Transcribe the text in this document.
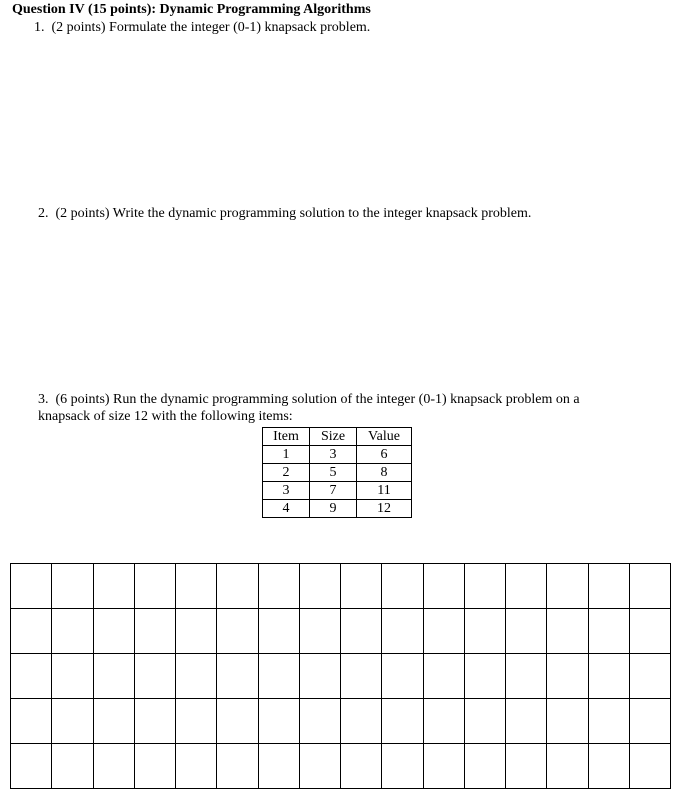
Question IV (15 points): Dynamic Programming Algorithms
1.  (2 points) Formulate the integer (0-1) knapsack problem.
2.  (2 points) Write the dynamic programming solution to the integer knapsack problem.
3.  (6 points) Run the dynamic programming solution of the integer (0-1) knapsack problem on a
knapsack of size 12 with the following items:
Item	Size	Value
1	3	6
2	5	8
3	7	11
4	9	12
